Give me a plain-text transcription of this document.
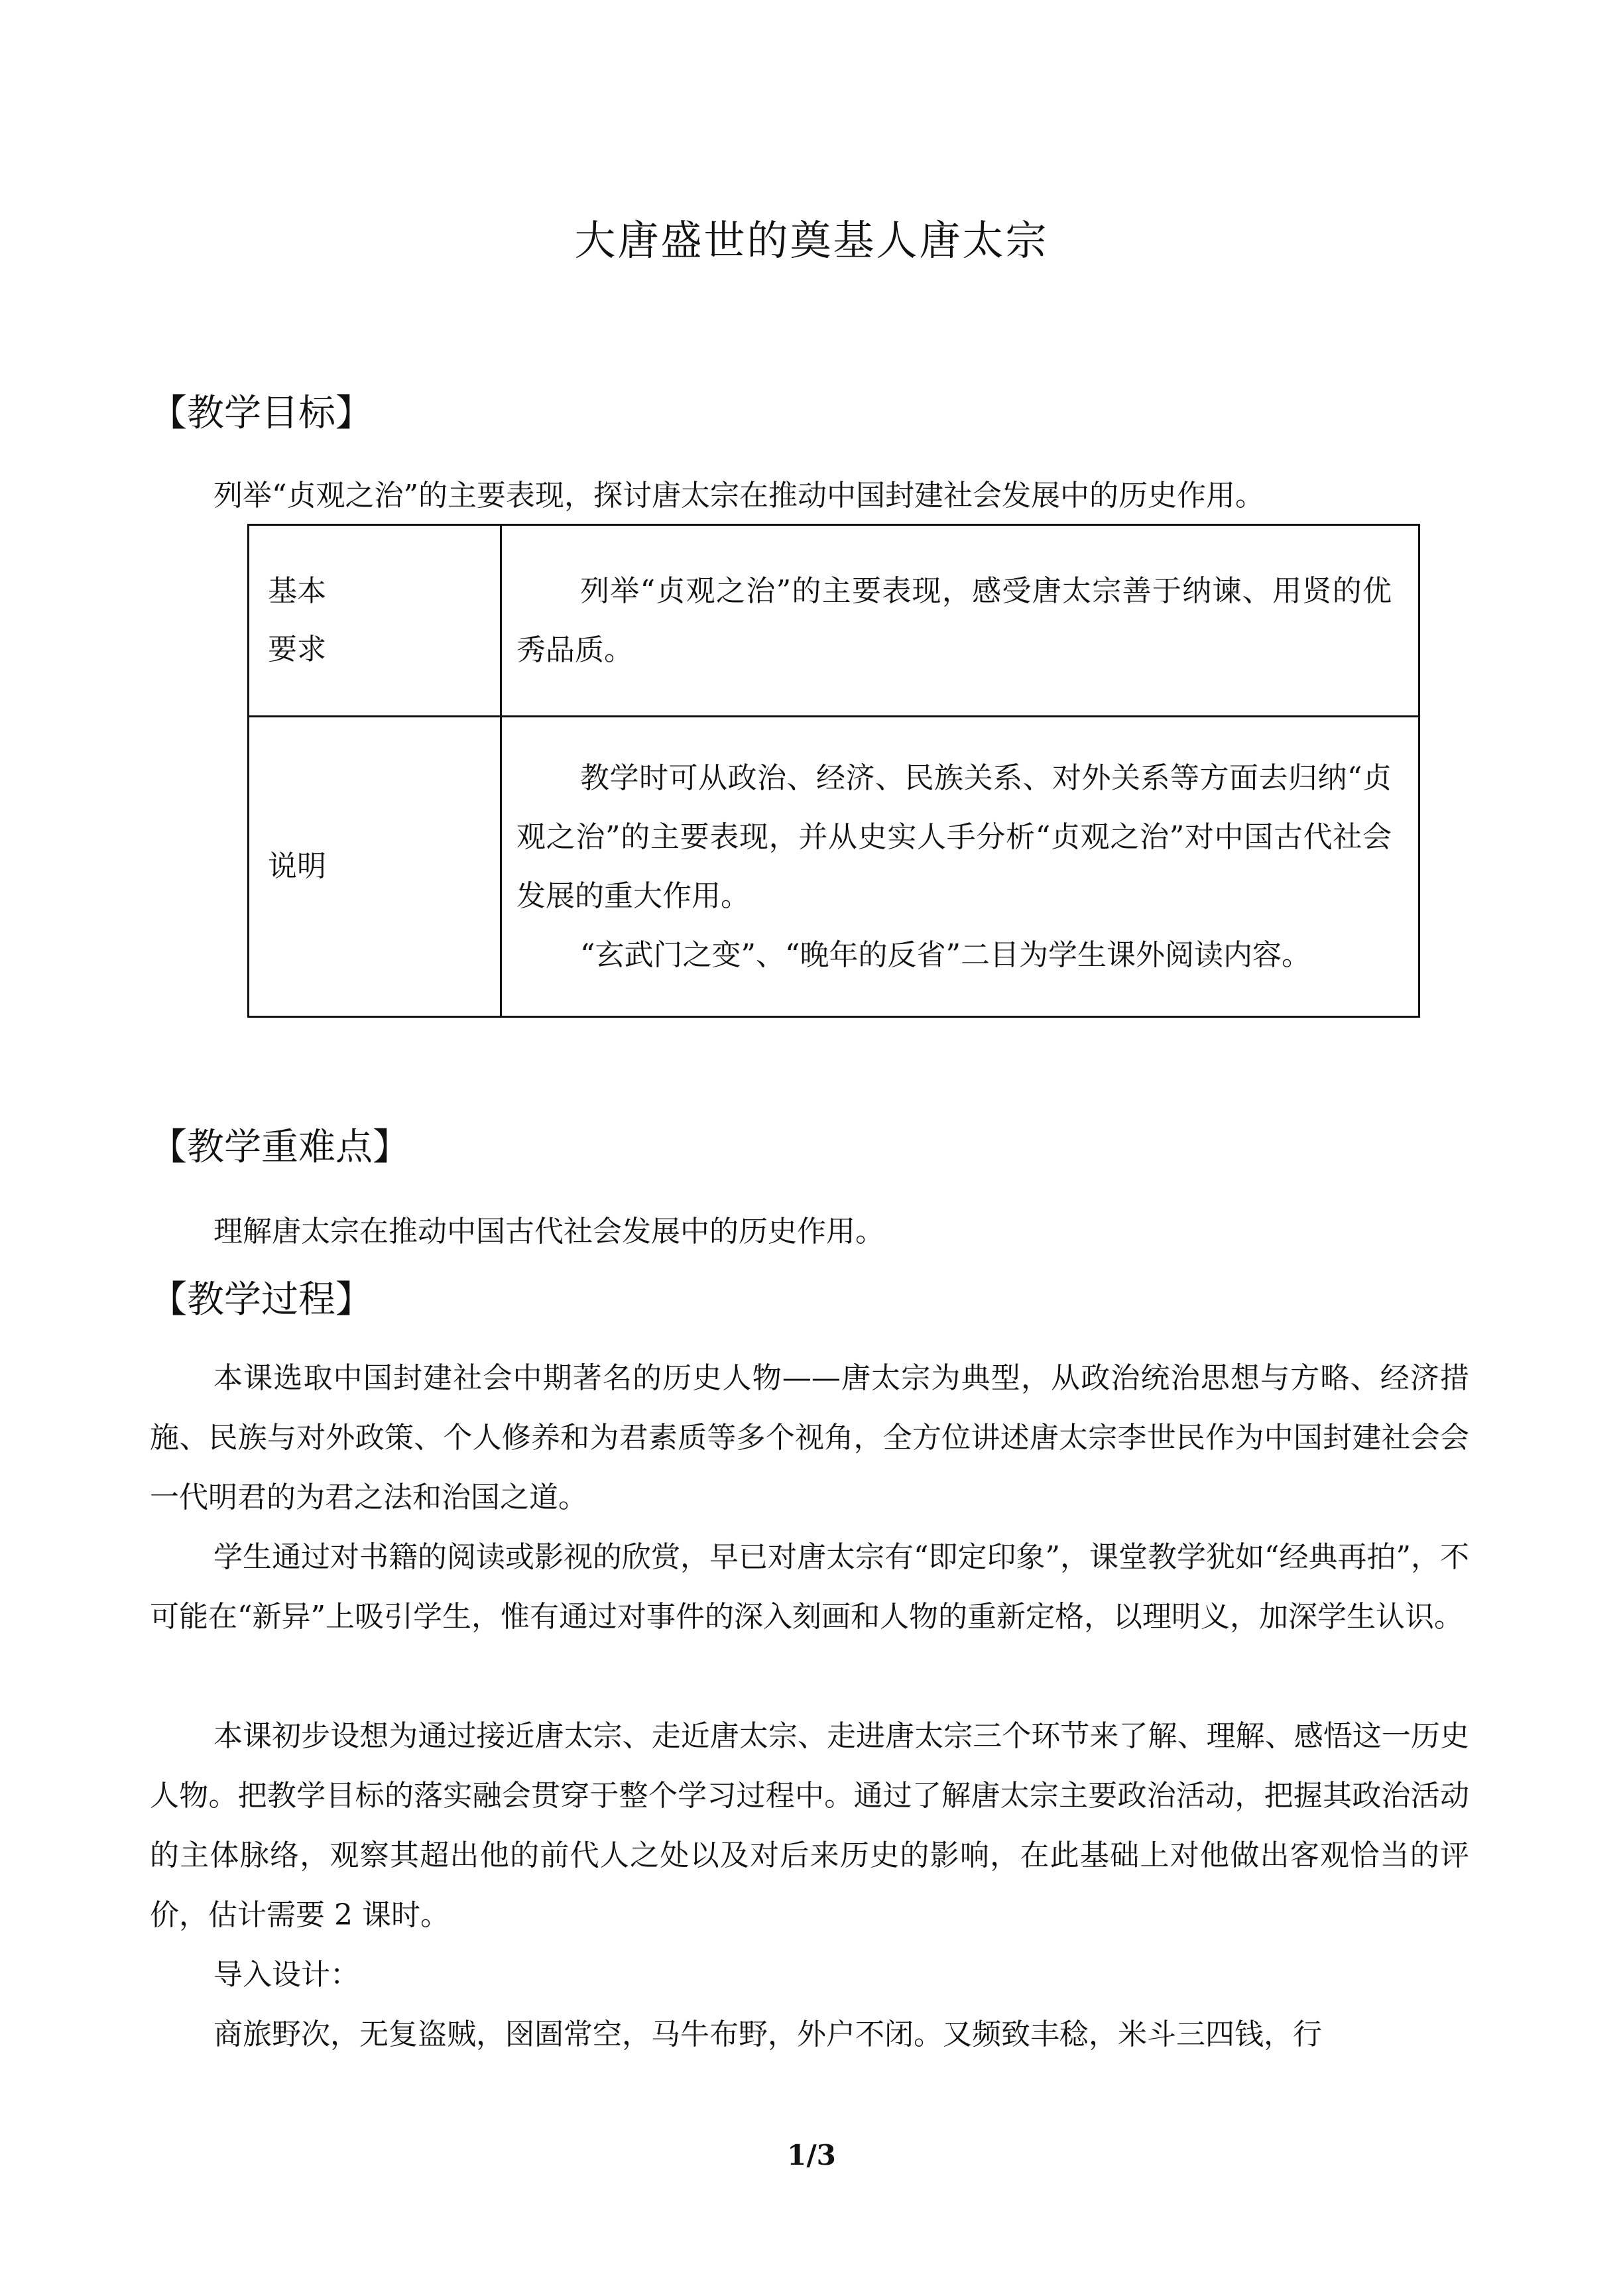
大唐盛世的奠基人唐太宗
【教学目标】
列举“贞观之治”的主要表现，探讨唐太宗在推动中国封建社会发展中的历史作用。
基本
要求	列举“贞观之治”的主要表现，感受唐太宗善于纳谏、用贤的优秀品质。

说明	教学时可从政治、经济、民族关系、对外关系等方面去归纳“贞观之治”的主要表现，并从史实人手分析“贞观之治”对中国古代社会发展的重大作用。

“玄武门之变”、“晚年的反省”二目为学生课外阅读内容。

【教学重难点】
理解唐太宗在推动中国古代社会发展中的历史作用。
【教学过程】

本课选取中国封建社会中期著名的历史人物——唐太宗为典型，从政治统治思想与方略、经济措施、民族与对外政策、个人修养和为君素质等多个视角，全方位讲述唐太宗李世民作为中国封建社会会一代明君的为君之法和治国之道。

学生通过对书籍的阅读或影视的欣赏，早已对唐太宗有“即定印象”，课堂教学犹如“经典再拍”，不可能在“新异”上吸引学生，惟有通过对事件的深入刻画和人物的重新定格，以理明义，加深学生认识。

本课初步设想为通过接近唐太宗、走近唐太宗、走进唐太宗三个环节来了解、理解、感悟这一历史人物。把教学目标的落实融会贯穿于整个学习过程中。通过了解唐太宗主要政治活动，把握其政治活动的主体脉络，观察其超出他的前代人之处以及对后来历史的影响，在此基础上对他做出客观恰当的评价，估计需要 2 课时。

导入设计：

商旅野次，无复盗贼，囹圄常空，马牛布野，外户不闭。又频致丰稔，米斗三四钱，行

1/3
